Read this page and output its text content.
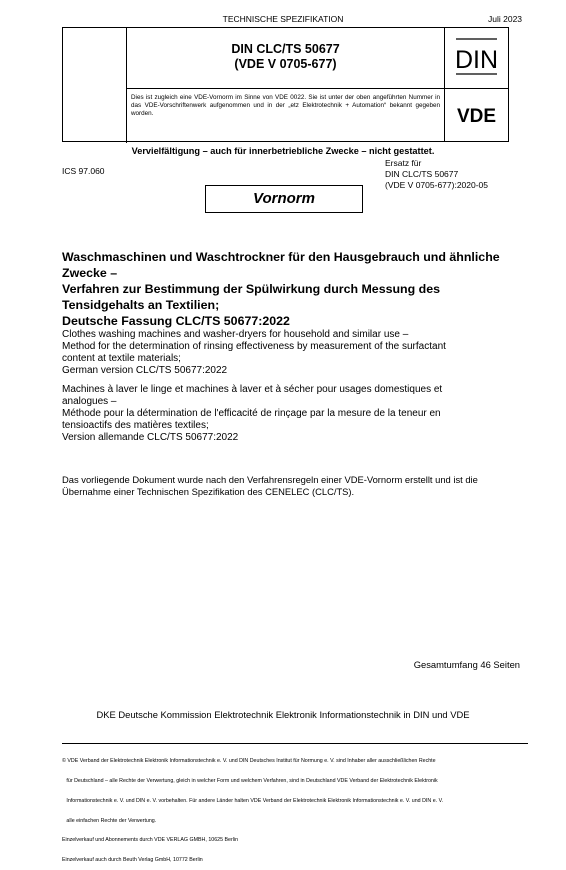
TECHNISCHE SPEZIFIKATION	Juli 2023
DIN CLC/TS 50677
(VDE V 0705-677)	DIN
Dies ist zugleich eine VDE-Vornorm im Sinne von VDE 0022. Sie ist unter der oben angeführten Nummer in das VDE-Vorschriftenwerk aufgenommen und in der „etz Elektrotechnik + Automation“ bekannt gegeben worden.	VDE
Vervielfältigung – auch für innerbetriebliche Zwecke – nicht gestattet.
ICS 97.060
Ersatz für
DIN CLC/TS 50677
(VDE V 0705-677):2020-05
Vornorm
Waschmaschinen und Waschtrockner für den Hausgebrauch und ähnliche
Zwecke –
Verfahren zur Bestimmung der Spülwirkung durch Messung des
Tensidgehalts an Textilien;
Deutsche Fassung CLC/TS 50677:2022
Clothes washing machines and washer-dryers for household and similar use –
Method for the determination of rinsing effectiveness by measurement of the surfactant
content at textile materials;
German version CLC/TS 50677:2022
Machines à laver le linge et machines à laver et à sécher pour usages domestiques et
analogues –
Méthode pour la détermination de l'efficacité de rinçage par la mesure de la teneur en
tensioactifs des matières textiles;
Version allemande CLC/TS 50677:2022
Das vorliegende Dokument wurde nach den Verfahrensregeln einer VDE-Vornorm erstellt und ist die
Übernahme einer Technischen Spezifikation des CENELEC (CLC/TS).
Gesamtumfang 46 Seiten
DKE Deutsche Kommission Elektrotechnik Elektronik Informationstechnik in DIN und VDE

© VDE Verband der Elektrotechnik Elektronik Informationstechnik e. V. und DIN Deutsches Institut für Normung e. V. sind Inhaber aller ausschließlichen Rechte

für Deutschland – alle Rechte der Verwertung, gleich in welcher Form und welchem Verfahren, sind in Deutschland VDE Verband der Elektrotechnik Elektronik

Informationstechnik e. V. und DIN e. V. vorbehalten. Für andere Länder halten VDE Verband der Elektrotechnik Elektronik Informationstechnik e. V. und DIN e. V.

alle einfachen Rechte der Verwertung.

Einzelverkauf und Abonnements durch VDE VERLAG GMBH, 10625 Berlin

Einzelverkauf auch durch Beuth Verlag GmbH, 10772 Berlin
